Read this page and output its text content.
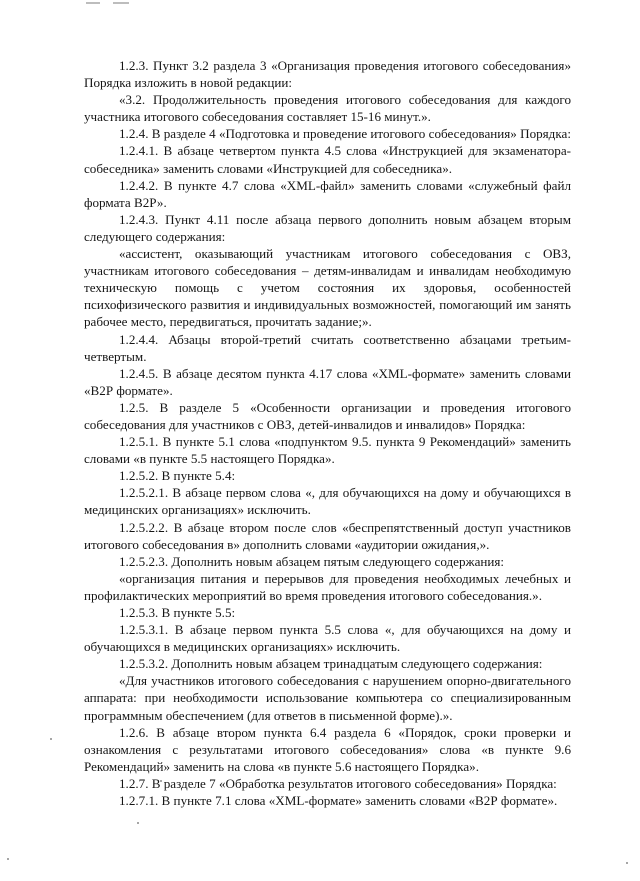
1.2.3. Пункт 3.2 раздела 3 «Организация проведения итогового собеседования» Порядка изложить в новой редакции:

«3.2. Продолжительность проведения итогового собеседования для каждого участника итогового собеседования составляет 15-16 минут.».

1.2.4. В разделе 4 «Подготовка и проведение итогового собеседования» Порядка:

1.2.4.1. В абзаце четвертом пункта 4.5 слова «Инструкцией для экзаменатора-собеседника» заменить словами «Инструкцией для собеседника».

1.2.4.2. В пункте 4.7 слова «XML-файл» заменить словами «служебный файл формата В2Р».

1.2.4.3. Пункт 4.11 после абзаца первого дополнить новым абзацем вторым следующего содержания:

«ассистент, оказывающий участникам итогового собеседования с ОВЗ, участникам итогового собеседования – детям-инвалидам и инвалидам необходимую техническую помощь с учетом состояния их здоровья, особенностей психофизического развития и индивидуальных возможностей, помогающий им занять рабочее место, передвигаться, прочитать задание;».

1.2.4.4. Абзацы второй-третий считать соответственно абзацами третьим-четвертым.

1.2.4.5. В абзаце десятом пункта 4.17 слова «XML-формате» заменить словами «В2Р формате».

1.2.5. В разделе 5 «Особенности организации и проведения итогового собеседования для участников с ОВЗ, детей-инвалидов и инвалидов» Порядка:

1.2.5.1. В пункте 5.1 слова «подпунктом 9.5. пункта 9 Рекомендаций» заменить словами «в пункте 5.5 настоящего Порядка».

1.2.5.2. В пункте 5.4:

1.2.5.2.1. В абзаце первом слова «, для обучающихся на дому и обучающихся в медицинских организациях» исключить.

1.2.5.2.2. В абзаце втором после слов «беспрепятственный доступ участников итогового собеседования в» дополнить словами «аудитории ожидания,».

1.2.5.2.3. Дополнить новым абзацем пятым следующего содержания:

«организация питания и перерывов для проведения необходимых лечебных и профилактических мероприятий во время проведения итогового собеседования.».

1.2.5.3. В пункте 5.5:

1.2.5.3.1. В абзаце первом пункта 5.5 слова «, для обучающихся на дому и обучающихся в медицинских организациях» исключить.

1.2.5.3.2. Дополнить новым абзацем тринадцатым следующего содержания:

«Для участников итогового собеседования с нарушением опорно-двигательного аппарата: при необходимости использование компьютера со специализированным программным обеспечением (для ответов в письменной форме).».

1.2.6. В абзаце втором пункта 6.4 раздела 6 «Порядок, сроки проверки и ознакомления с результатами итогового собеседования» слова «в пункте 9.6 Рекомендаций» заменить на слова «в пункте 5.6 настоящего Порядка».

1.2.7. В разделе 7 «Обработка результатов итогового собеседования» Порядка:

1.2.7.1. В пункте 7.1 слова «XML-формате» заменить словами «В2Р формате».
